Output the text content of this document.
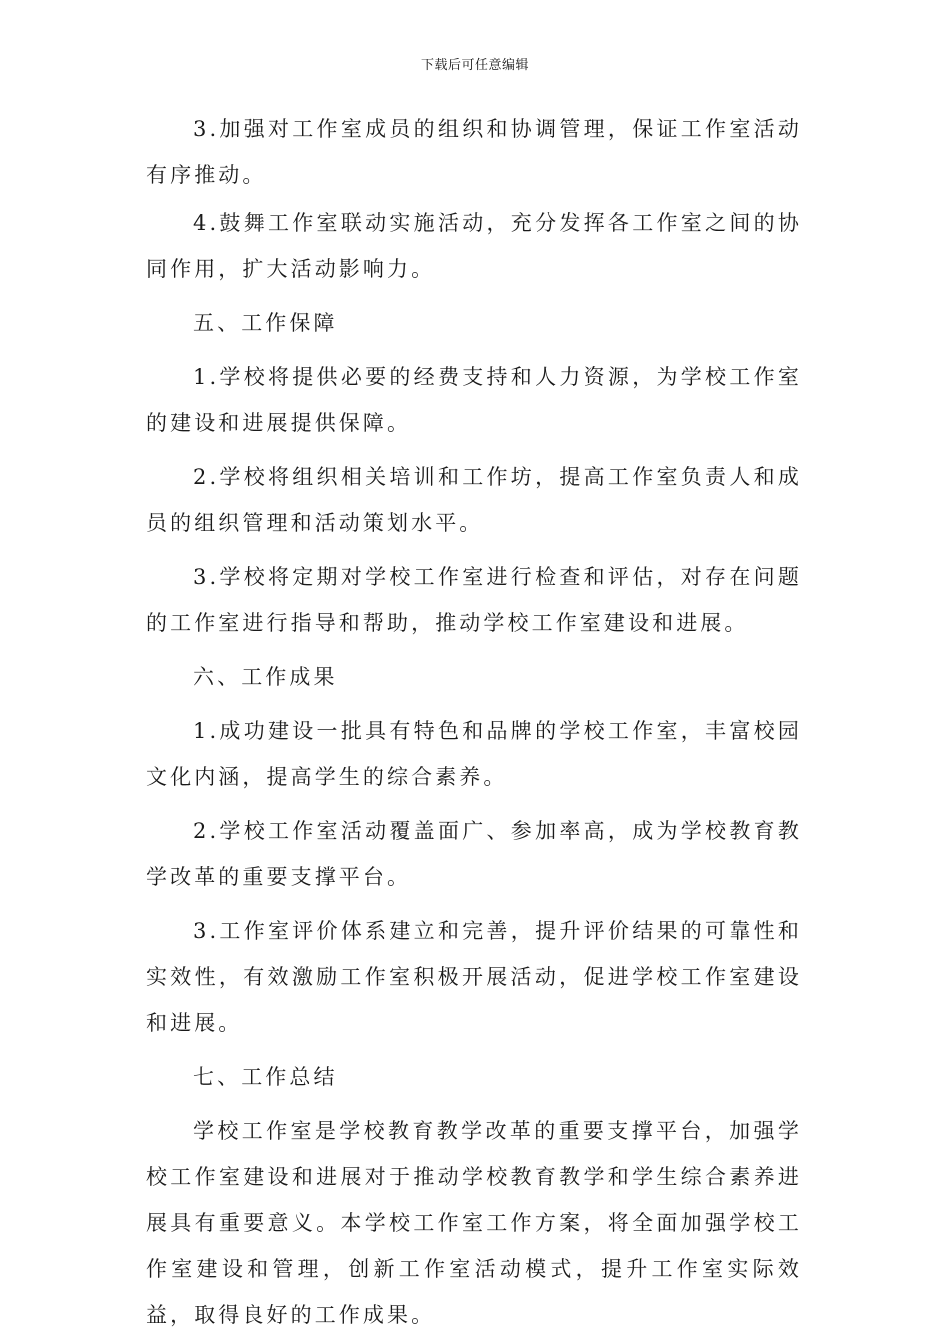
下载后可任意编辑

3.加强对工作室成员的组织和协调管理，保证工作室活动有序推动。

4.鼓舞工作室联动实施活动，充分发挥各工作室之间的协同作用，扩大活动影响力。

五、工作保障

1.学校将提供必要的经费支持和人力资源，为学校工作室的建设和进展提供保障。

2.学校将组织相关培训和工作坊，提高工作室负责人和成员的组织管理和活动策划水平。

3.学校将定期对学校工作室进行检查和评估，对存在问题的工作室进行指导和帮助，推动学校工作室建设和进展。

六、工作成果

1.成功建设一批具有特色和品牌的学校工作室，丰富校园文化内涵，提高学生的综合素养。

2.学校工作室活动覆盖面广、参加率高，成为学校教育教学改革的重要支撑平台。

3.工作室评价体系建立和完善，提升评价结果的可靠性和实效性，有效激励工作室积极开展活动，促进学校工作室建设和进展。

七、工作总结

学校工作室是学校教育教学改革的重要支撑平台，加强学校工作室建设和进展对于推动学校教育教学和学生综合素养进展具有重要意义。本学校工作室工作方案，将全面加强学校工作室建设和管理，创新工作室活动模式，提升工作室实际效益，取得良好的工作成果。
